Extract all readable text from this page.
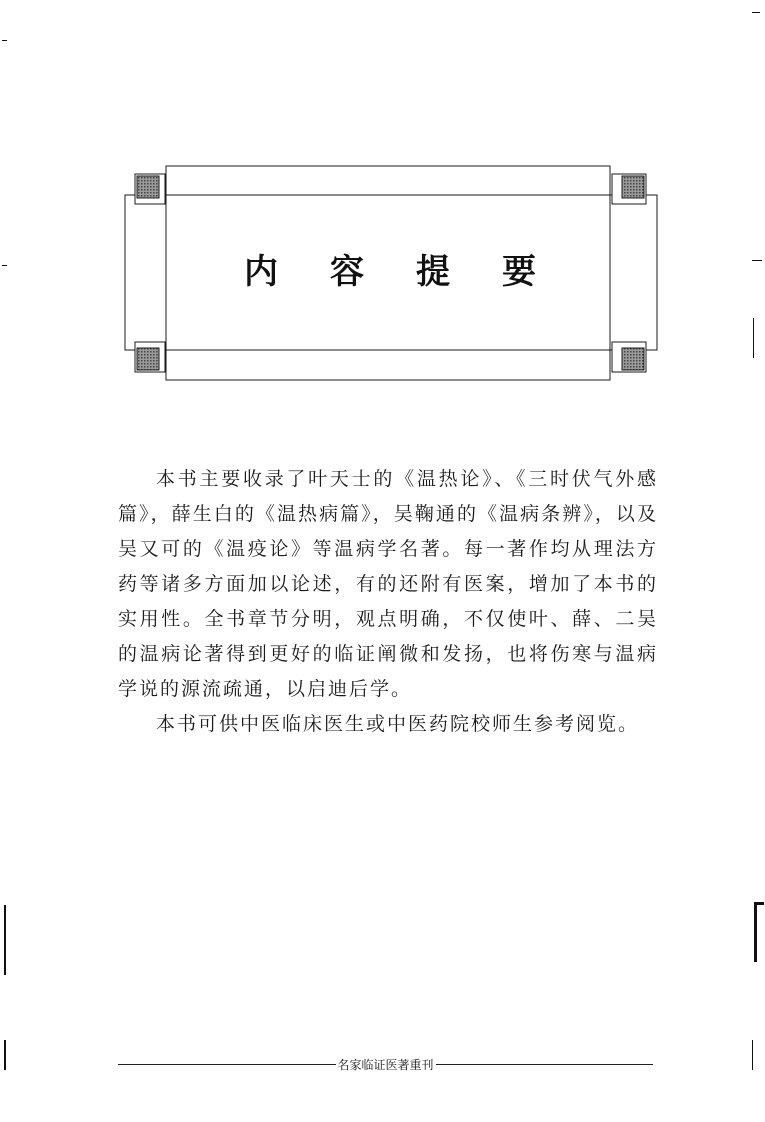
内 容 提 要

本书主要收录了叶天士的《温热论》、《三时伏气外感篇》，薛生白的《温热病篇》，吴鞠通的《温病条辨》，以及吴又可的《温疫论》等温病学名著。每一著作均从理法方药等诸多方面加以论述，有的还附有医案，增加了本书的实用性。全书章节分明，观点明确，不仅使叶、薛、二吴的温病论著得到更好的临证阐微和发扬，也将伤寒与温病学说的源流疏通，以启迪后学。

本书可供中医临床医生或中医药院校师生参考阅览。

名家临证医著重刊
